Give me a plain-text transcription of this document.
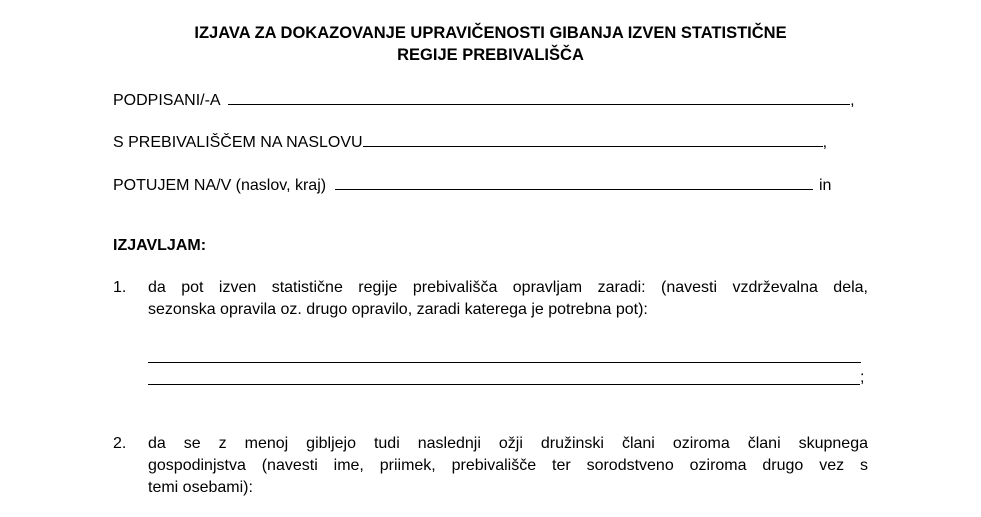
IZJAVA ZA DOKAZOVANJE UPRAVIČENOSTI GIBANJA IZVEN STATISTIČNE
REGIJE PREBIVALIŠČA
PODPISANI/-A	,
S PREBIVALIŠČEM NA NASLOVU	,
POTUJEM NA/V (naslov, kraj)	in
IZJAVLJAM:
1. da pot izven statistične regije prebivališča opravljam zaradi: (navesti vzdrževalna dela,
sezonska opravila oz. drugo opravilo, zaradi katerega je potrebna pot):
;
2. da se z menoj gibljejo tudi naslednji ožji družinski člani oziroma člani skupnega
gospodinjstva (navesti ime, priimek, prebivališče ter sorodstveno oziroma drugo vez s
temi osebami):
